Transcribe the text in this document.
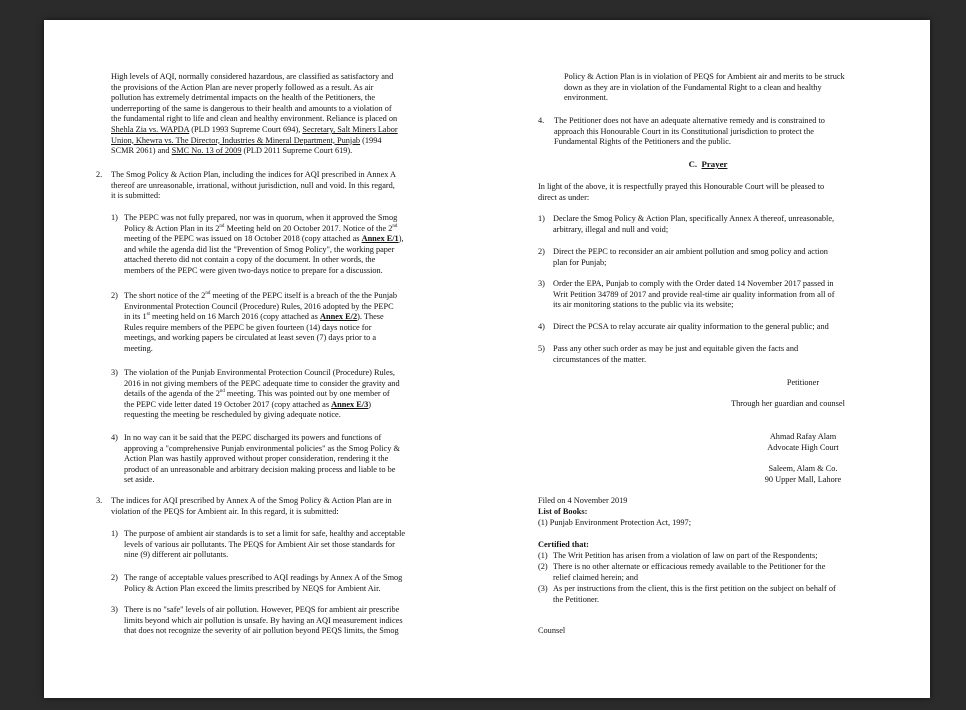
High levels of AQI, normally considered hazardous, are classified as satisfactory and

the provisions of the Action Plan are never properly followed as a result. As air

pollution has extremely detrimental impacts on the health of the Petitioners, the

underreporting of the same is dangerous to their health and amounts to a violation of

the fundamental right to life and clean and healthy environment. Reliance is placed on

Shehla Zia vs. WAPDA (PLD 1993 Supreme Court 694), Secretary, Salt Miners Labor

Union, Khewra vs. The Director, Industries & Mineral Department, Punjab (1994

SCMR 2061) and SMC No. 13 of 2009 (PLD 2011 Supreme Court 619).

2. The Smog Policy & Action Plan, including the indices for AQI prescribed in Annex A

thereof are unreasonable, irrational, without jurisdiction, null and void. In this regard,

it is submitted:

1) The PEPC was not fully prepared, nor was in quorum, when it approved the Smog

Policy & Action Plan in its 2nd Meeting held on 20 October 2017. Notice of the 2nd

meeting of the PEPC was issued on 18 October 2018 (copy attached as Annex E/1),

and while the agenda did list the "Prevention of Smog Policy", the working paper

attached thereto did not contain a copy of the document. In other words, the

members of the PEPC were given two-days notice to prepare for a discussion.

2) The short notice of the 2nd meeting of the PEPC itself is a breach of the the Punjab

Environmental Protection Council (Procedure) Rules, 2016 adopted by the PEPC

in its 1st meeting held on 16 March 2016 (copy attached as Annex E/2). These

Rules require members of the PEPC be given fourteen (14) days notice for

meetings, and working papers be circulated at least seven (7) days prior to a

meeting.

3) The violation of the Punjab Environmental Protection Council (Procedure) Rules,

2016 in not giving members of the PEPC adequate time to consider the gravity and

details of the agenda of the 2nd meeting. This was pointed out by one member of

the PEPC vide letter dated 19 October 2017 (copy attached as Annex E/3)

requesting the meeting be rescheduled by giving adequate notice.

4) In no way can it be said that the PEPC discharged its powers and functions of

approving a "comprehensive Punjab environmental policies" as the Smog Policy &

Action Plan was hastily approved without proper consideration, rendering it the

product of an unreasonable and arbitrary decision making process and liable to be

set aside.

3. The indices for AQI prescribed by Annex A of the Smog Policy & Action Plan are in

violation of the PEQS for Ambient air. In this regard, it is submitted:

1) The purpose of ambient air standards is to set a limit for safe, healthy and acceptable

levels of various air pollutants. The PEQS for Ambient Air set those standards for

nine (9) different air pollutants.

2) The range of acceptable values prescribed to AQI readings by Annex A of the Smog

Policy & Action Plan exceed the limits prescribed by NEQS for Ambient Air.

3) There is no "safe" levels of air pollution. However, PEQS for ambient air prescribe

limits beyond which air pollution is unsafe. By having an AQI measurement indices

that does not recognize the severity of air pollution beyond PEQS limits, the Smog

Policy & Action Plan is in violation of PEQS for Ambient air and merits to be struck

down as they are in violation of the Fundamental Right to a clean and healthy

environment.

4. The Petitioner does not have an adequate alternative remedy and is constrained to

approach this Honourable Court in its Constitutional jurisdiction to protect the

Fundamental Rights of the Petitioners and the public.

C. Prayer

In light of the above, it is respectfully prayed this Honourable Court will be pleased to

direct as under:

1) Declare the Smog Policy & Action Plan, specifically Annex A thereof, unreasonable,

arbitrary, illegal and null and void;

2) Direct the PEPC to reconsider an air ambient pollution and smog policy and action

plan for Punjab;

3) Order the EPA, Punjab to comply with the Order dated 14 November 2017 passed in

Writ Petition 34789 of 2017 and provide real-time air quality information from all of

its air monitoring stations to the public via its website;

4) Direct the PCSA to relay accurate air quality information to the general public; and

5) Pass any other such order as may be just and equitable given the facts and

circumstances of the matter.

Petitioner
Through her guardian and counsel
Ahmad Rafay Alam
Advocate High Court
Saleem, Alam & Co.
90 Upper Mall, Lahore
Filed on 4 November 2019
List of Books:
(1) Punjab Environment Protection Act, 1997;
Certified that:
(1) The Writ Petition has arisen from a violation of law on part of the Respondents;

(2) There is no other alternate or efficacious remedy available to the Petitioner for the

relief claimed herein; and

(3) As per instructions from the client, this is the first petition on the subject on behalf of

the Petitioner.

Counsel
